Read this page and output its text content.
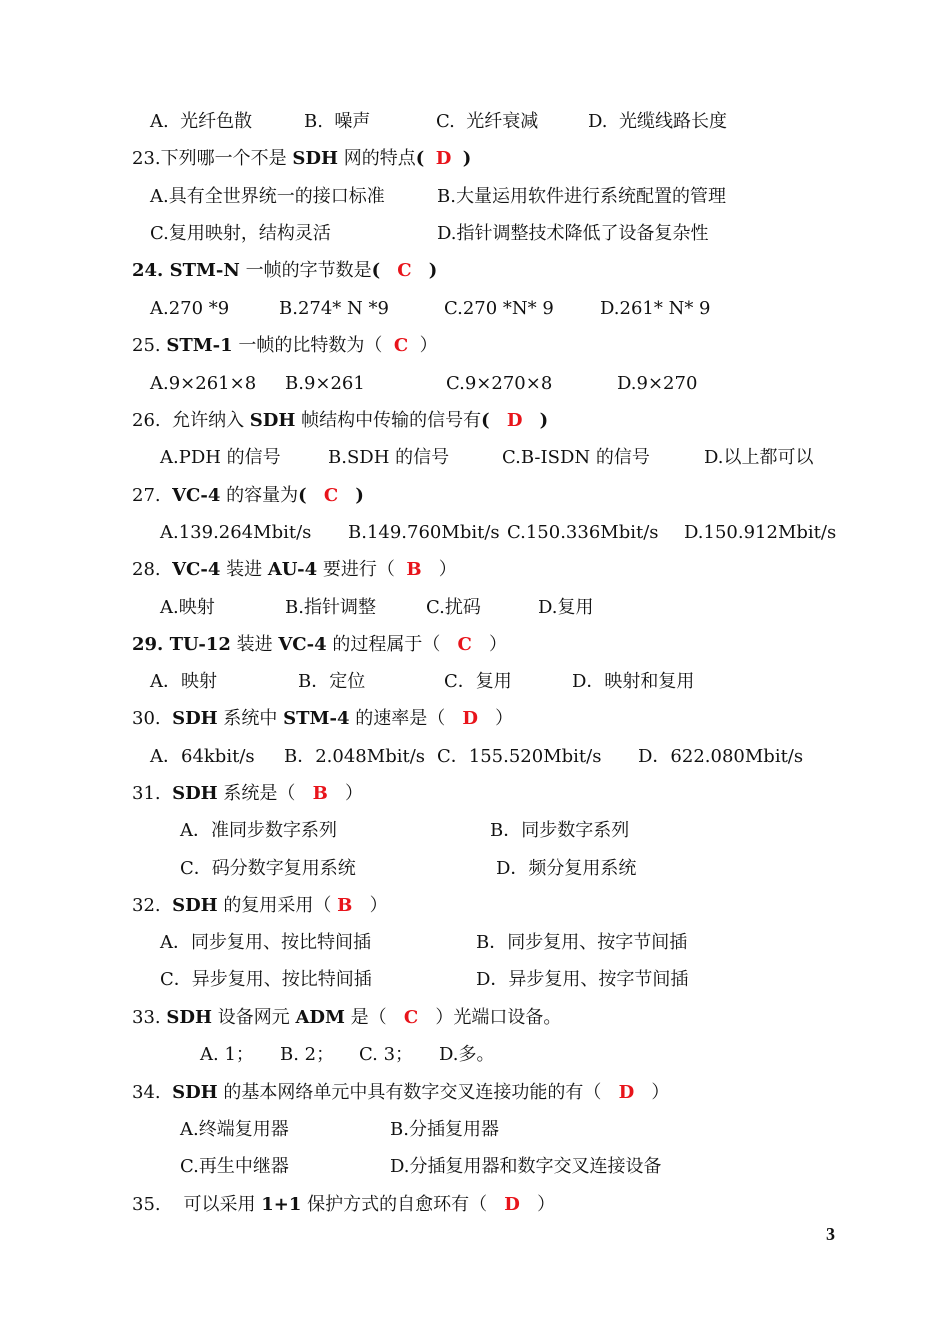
A.  光纤色散	B.  噪声	C.  光纤衰减	D.  光缆线路长度
23.下列哪一个不是 SDH 网的特点( D )
A.具有全世界统一的接口标准	B.大量运用软件进行系统配置的管理
C.复用映射，结构灵活	D.指针调整技术降低了设备复杂性
24. STM-N 一帧的字节数是( C )
A.270 *9	B.274* N *9	C.270 *N* 9	D.261* N* 9
25. STM-1 一帧的比特数为（ C ）
A.9×261×8 B.9×261	C.9×270×8	D.9×270
26.  允许纳入 SDH 帧结构中传输的信号有( D )
A.PDH 的信号	B.SDH 的信号	C.B-ISDN 的信号	D.以上都可以
27.  VC-4 的容量为( C )
A.139.264Mbit/s B.149.760Mbit/s C.150.336Mbit/s D.150.912Mbit/s
28.  VC-4 装进 AU-4 要进行（ B ）
A.映射	B.指针调整	C.扰码	D.复用
29. TU-12 装进 VC-4 的过程属于（ C ）
A．映射	B．定位	C．复用	D．映射和复用
30.  SDH 系统中 STM-4 的速率是（ D ）
A．64kbit/s B．2.048Mbit/s C．155.520Mbit/s D．622.080Mbit/s
31.  SDH 系统是（ B ）
A．准同步数字系列	B．同步数字系列
C．码分数字复用系统	D．频分复用系统
32.  SDH 的复用采用（ B ）
A．同步复用、按比特间插	B．同步复用、按字节间插
C．异步复用、按比特间插	D．异步复用、按字节间插
33. SDH 设备网元 ADM 是（ C ）光端口设备。
A. 1； B. 2； C. 3； D.多。
34.  SDH 的基本网络单元中具有数字交叉连接功能的有（ D ）
A.终端复用器	B.分插复用器
C.再生中继器	D.分插复用器和数字交叉连接设备
35.    可以采用 1+1 保护方式的自愈环有（ D ）
3
